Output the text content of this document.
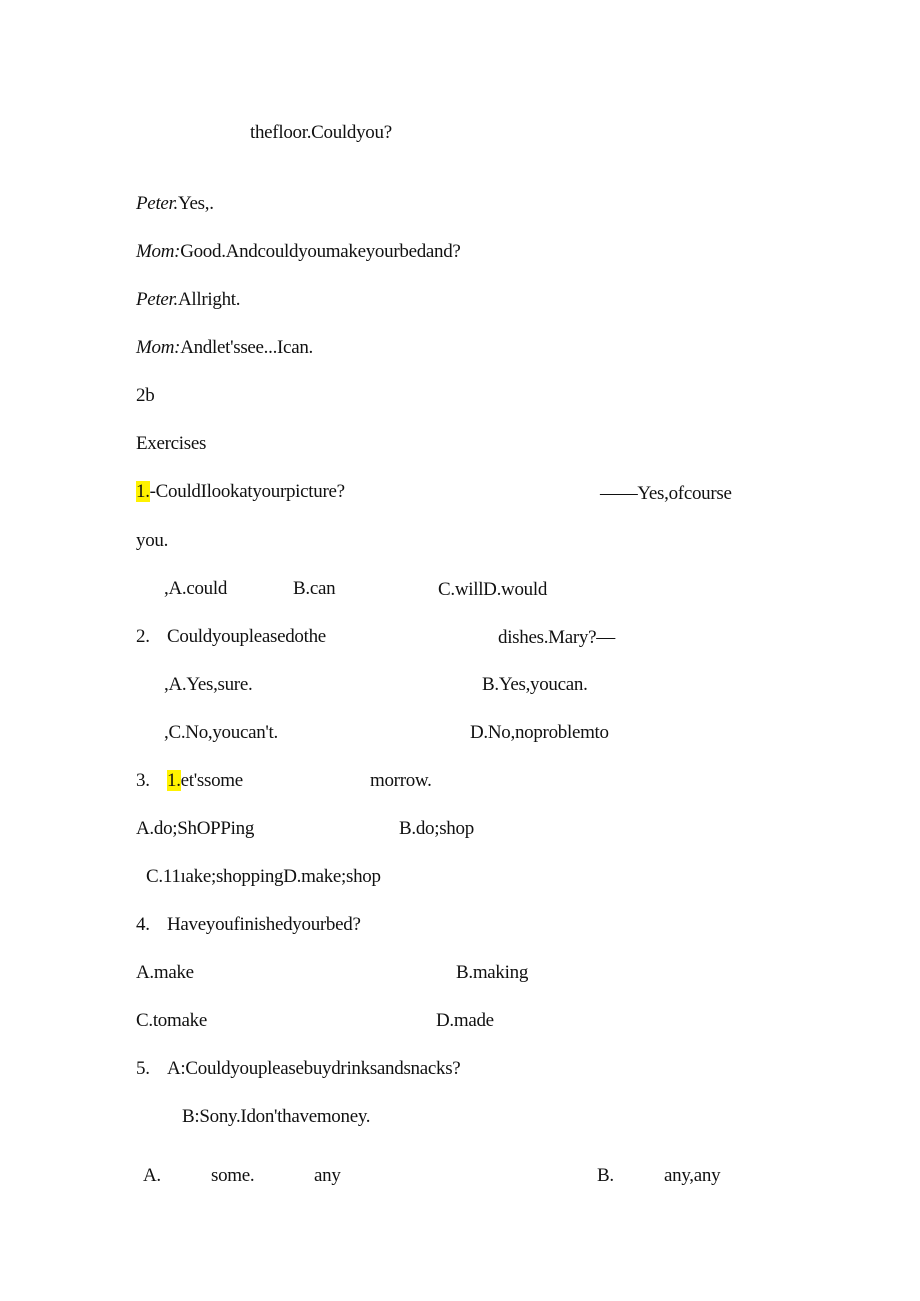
thefloor.Couldyou?
Peter.Yes,.
Mom:Good.Andcouldyoumakeyourbedand?
Peter.Allright.
Mom:Andlet'ssee...Ican.
2b
Exercises
1.-CouldIlookatyourpicture?	——Yes,ofcourse
you.
,A.could	B.can	C.willD.would
2. Couldyoupleasedothe	dishes.Mary?—
,A.Yes,sure.	B.Yes,youcan.
,C.No,youcan't.	D.No,noproblemto
3. 1.et'ssome	morrow.
A.do;ShOPPing	B.do;shop
C.11ıake;shoppingD.make;shop
4. Haveyoufinishedyourbed?
A.make	B.making
C.tomake	D.made
5. A:Couldyoupleasebuydrinksandsnacks?
B:Sony.Idon'thavemoney.
A.	some.	any	B.	any,any
